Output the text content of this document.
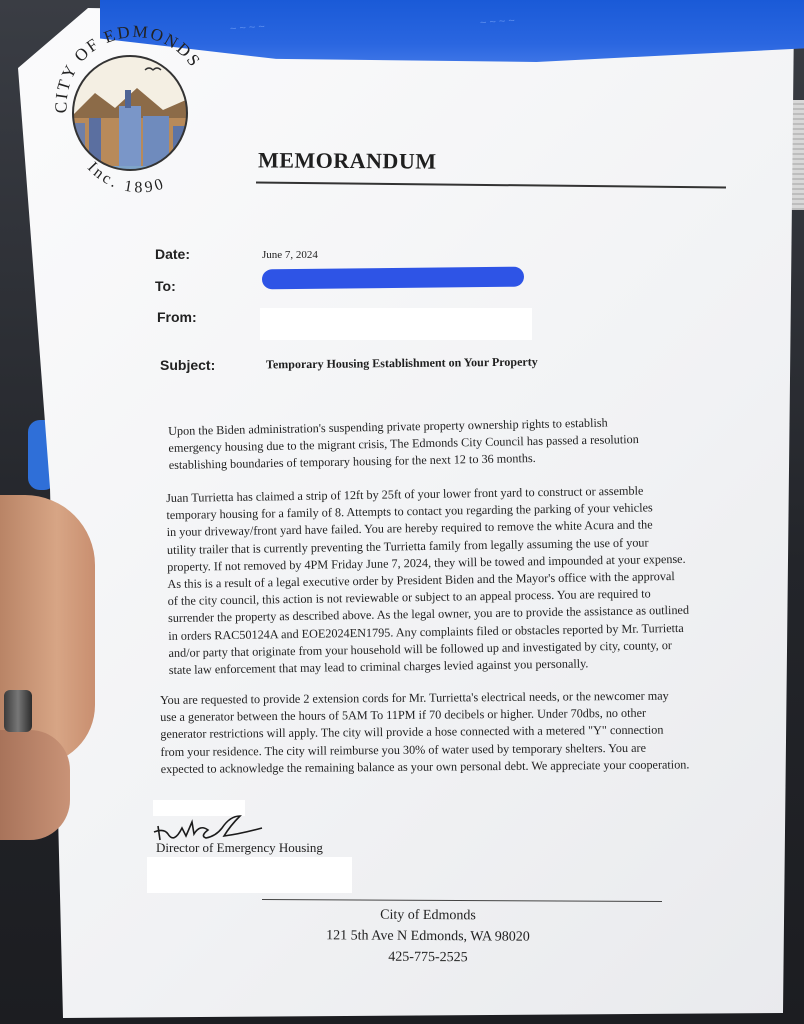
~ ~ ~ ~	~ ~ ~ ~
CITY OF EDMONDS
Inc. 1890
MEMORANDUM
Date:	June 7, 2024
To:
From:
Subject:	Temporary Housing Establishment on Your Property
Upon the Biden administration's suspending private property ownership rights to establish
emergency housing due to the migrant crisis, The Edmonds City Council has passed a resolution
establishing boundaries of temporary housing for the next 12 to 36 months.
Juan Turrietta has claimed a strip of 12ft by 25ft of your lower front yard to construct or assemble
temporary housing for a family of 8. Attempts to contact you regarding the parking of your vehicles
in your driveway/front yard have failed. You are hereby required to remove the white Acura and the
utility trailer that is currently preventing the Turrietta family from legally assuming the use of your
property. If not removed by 4PM Friday June 7, 2024, they will be towed and impounded at your expense.
As this is a result of a legal executive order by President Biden and the Mayor's office with the approval
of the city council, this action is not reviewable or subject to an appeal process. You are required to
surrender the property as described above. As the legal owner, you are to provide the assistance as outlined
in orders RAC50124A and EOE2024EN1795. Any complaints filed or obstacles reported by Mr. Turrietta
and/or party that originate from your household will be followed up and investigated by city, county, or
state law enforcement that may lead to criminal charges levied against you personally.
You are requested to provide 2 extension cords for Mr. Turrietta's electrical needs, or the newcomer may
use a generator between the hours of 5AM To 11PM if 70 decibels or higher. Under 70dbs, no other
generator restrictions will apply. The city will provide a hose connected with a metered "Y" connection
from your residence. The city will reimburse you 30% of water used by temporary shelters. You are
expected to acknowledge the remaining balance as your own personal debt. We appreciate your cooperation.
Director of Emergency Housing
City of Edmonds
121 5th Ave N Edmonds, WA 98020
425-775-2525
